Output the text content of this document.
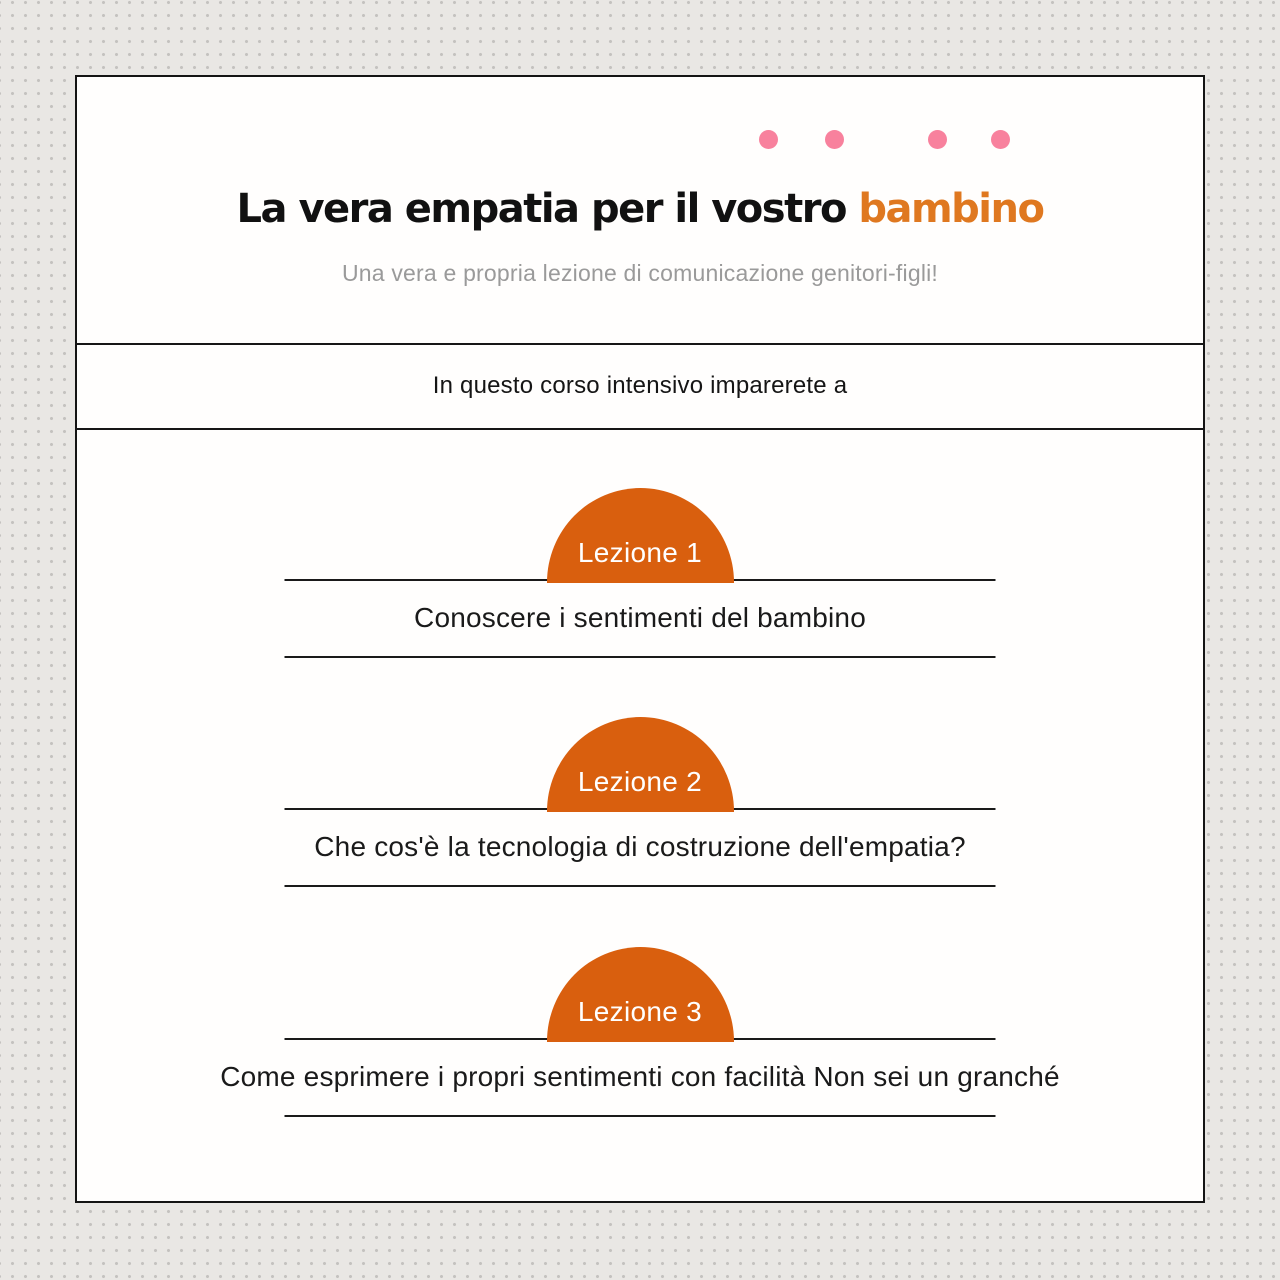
La vera empatia per il vostro bambino
Una vera e propria lezione di comunicazione genitori-figli!
In questo corso intensivo imparerete a
Lezione 1
Conoscere i sentimenti del bambino
Lezione 2
Che cos'è la tecnologia di costruzione dell'empatia?
Lezione 3
Come esprimere i propri sentimenti con facilità Non sei un granché
